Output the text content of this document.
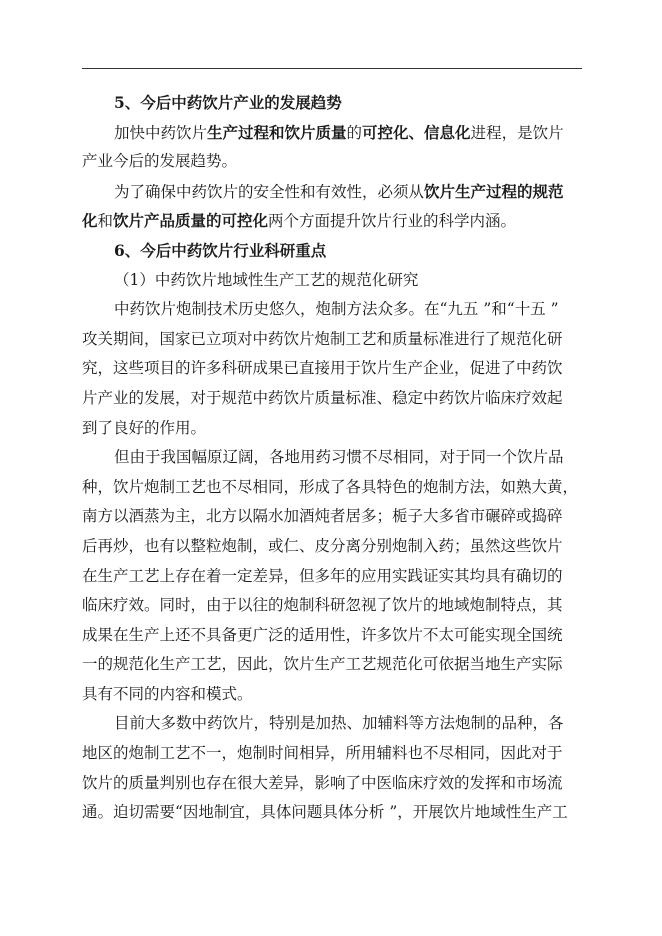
5、今后中药饮片产业的发展趋势
加快中药饮片生产过程和饮片质量的可控化、信息化进程，是饮片
产业今后的发展趋势。
为了确保中药饮片的安全性和有效性，必须从饮片生产过程的规范
化和饮片产品质量的可控化两个方面提升饮片行业的科学内涵。
6、今后中药饮片行业科研重点
（1）中药饮片地域性生产工艺的规范化研究
中药饮片炮制技术历史悠久，炮制方法众多。在“九五 ”和“十五 ”
攻关期间，国家已立项对中药饮片炮制工艺和质量标准进行了规范化研
究，这些项目的许多科研成果已直接用于饮片生产企业，促进了中药饮
片产业的发展，对于规范中药饮片质量标准、稳定中药饮片临床疗效起
到了良好的作用。
但由于我国幅原辽阔，各地用药习惯不尽相同，对于同一个饮片品
种，饮片炮制工艺也不尽相同，形成了各具特色的炮制方法，如熟大黄，
南方以酒蒸为主，北方以隔水加酒炖者居多；栀子大多省市碾碎或捣碎
后再炒，也有以整粒炮制，或仁、皮分离分别炮制入药；虽然这些饮片
在生产工艺上存在着一定差异，但多年的应用实践证实其均具有确切的
临床疗效。同时，由于以往的炮制科研忽视了饮片的地域炮制特点，其
成果在生产上还不具备更广泛的适用性，许多饮片不太可能实现全国统
一的规范化生产工艺，因此，饮片生产工艺规范化可依据当地生产实际
具有不同的内容和模式。
目前大多数中药饮片，特别是加热、加辅料等方法炮制的品种，各
地区的炮制工艺不一，炮制时间相异，所用辅料也不尽相同，因此对于
饮片的质量判别也存在很大差异，影响了中医临床疗效的发挥和市场流
通。迫切需要“因地制宜，具体问题具体分析 ”，开展饮片地域性生产工
